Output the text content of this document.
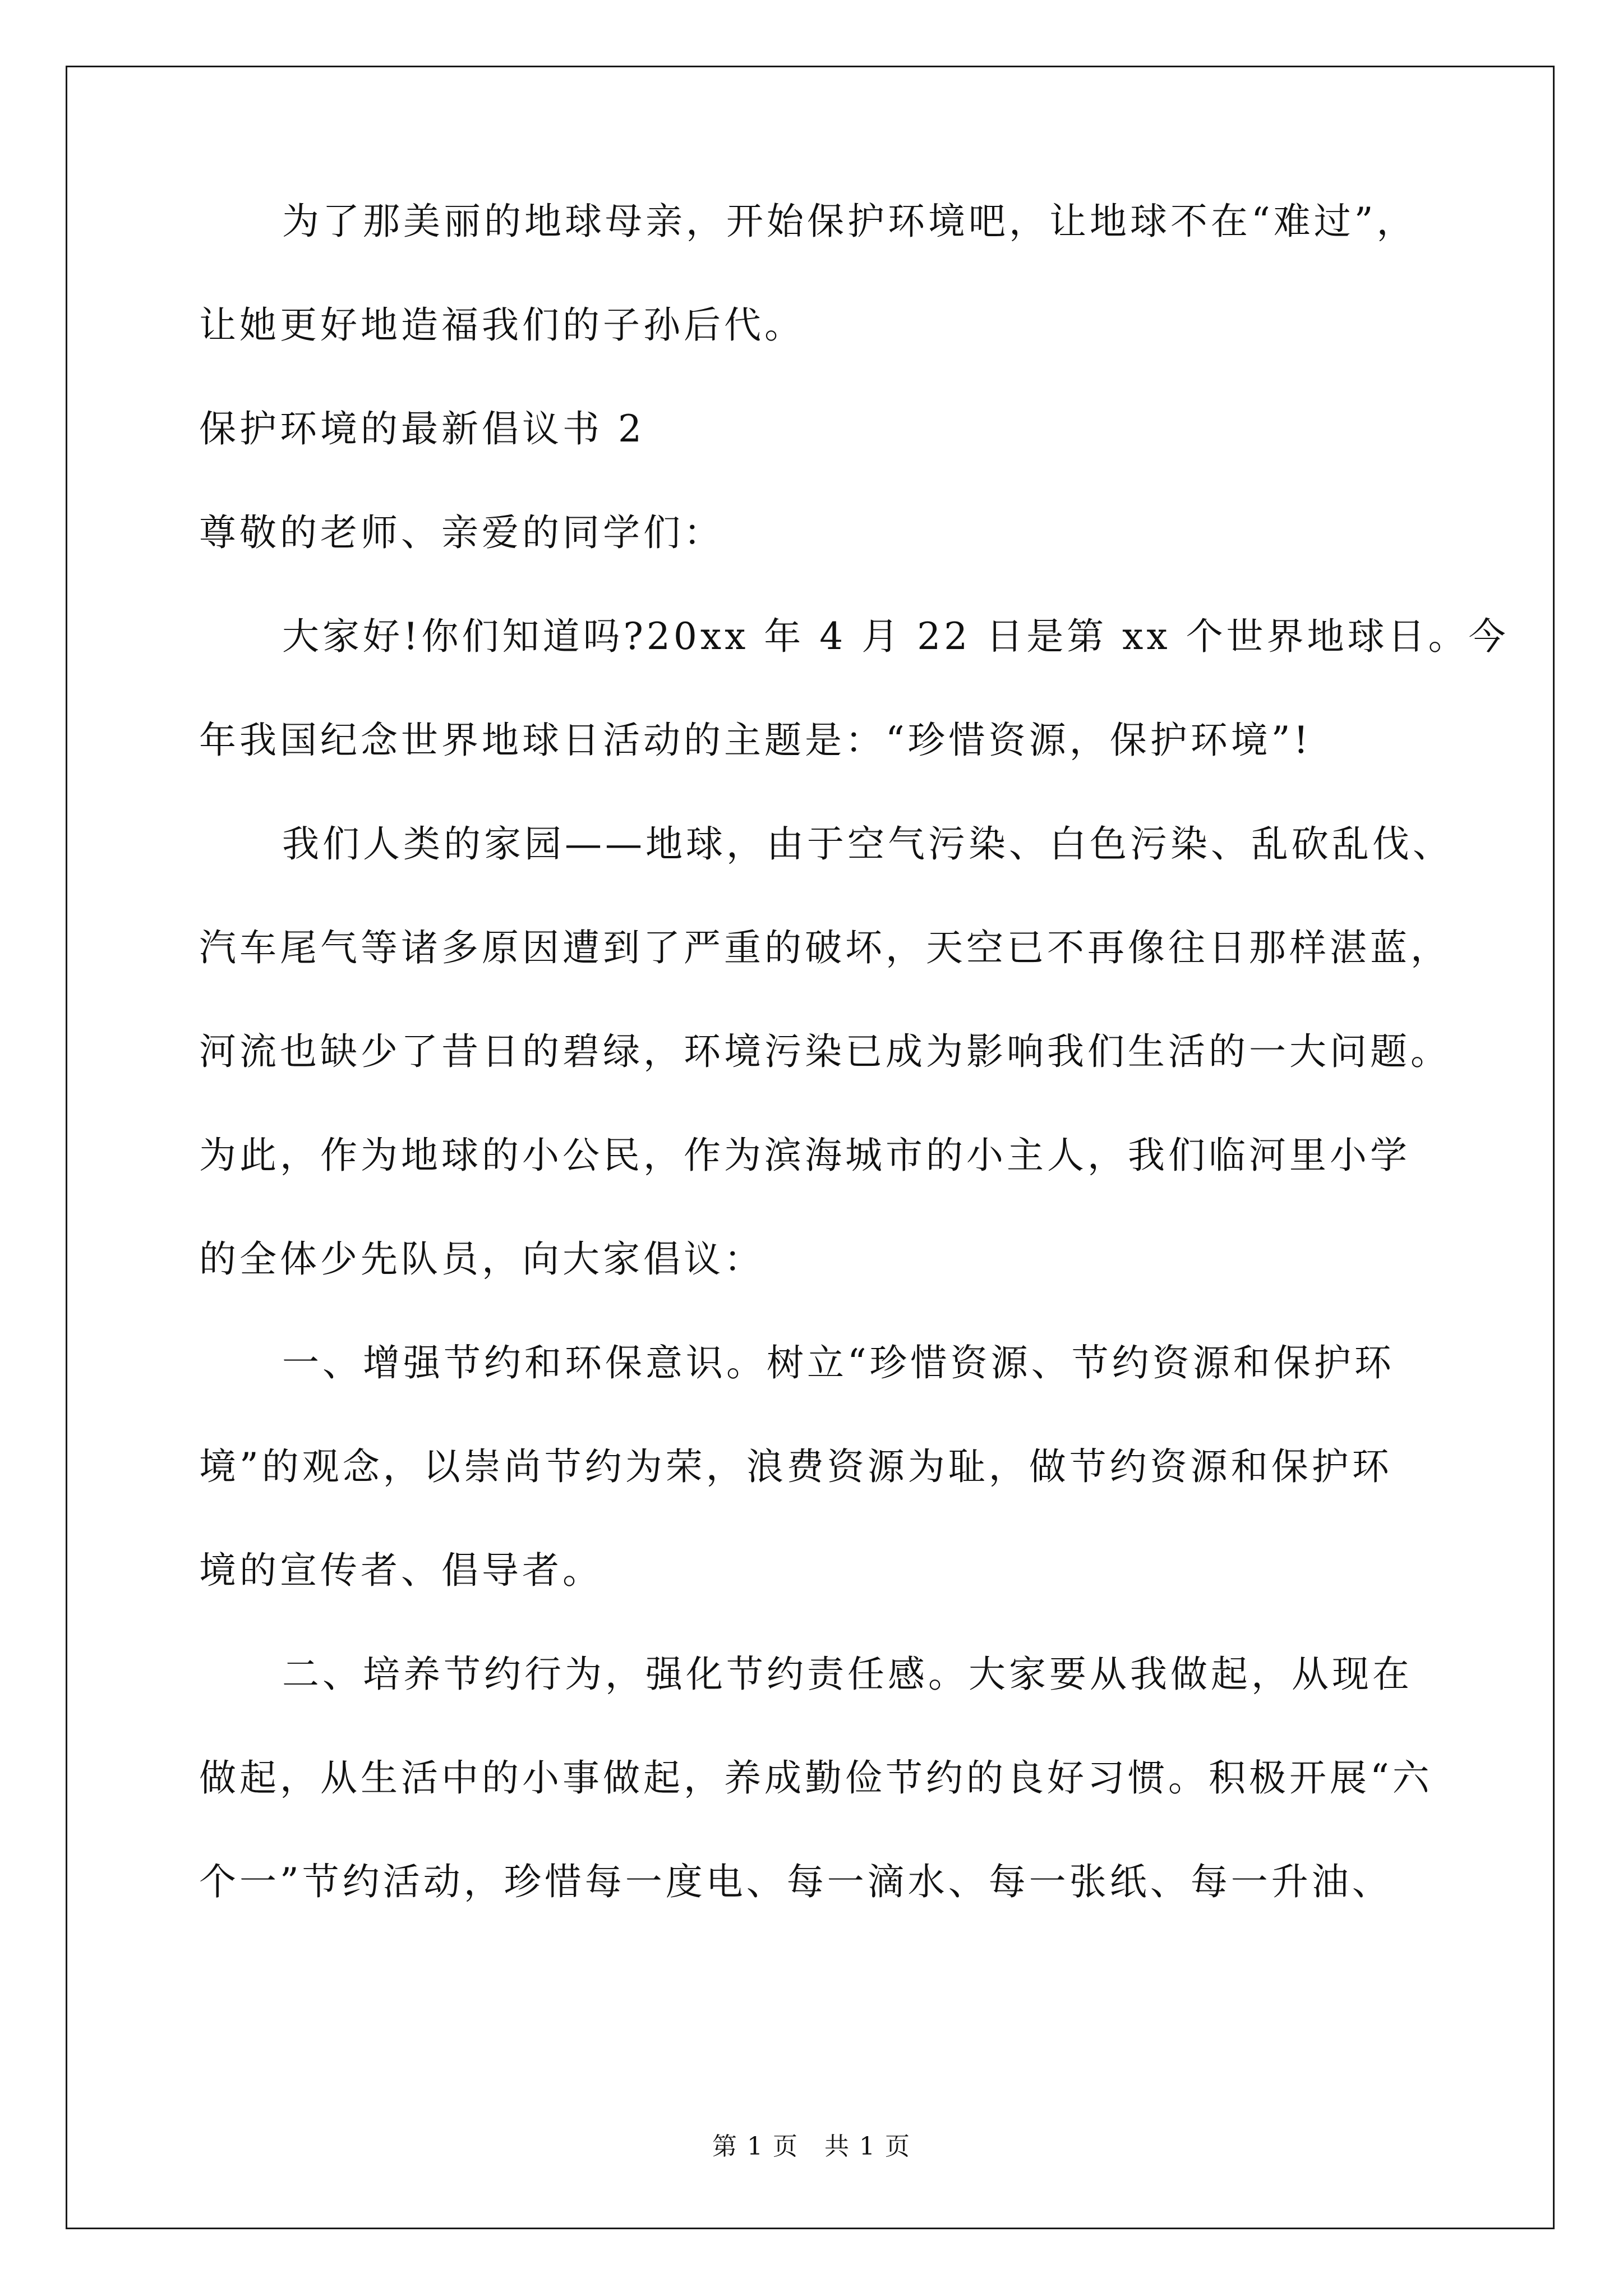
为了那美丽的地球母亲，开始保护环境吧，让地球不在“难过”，
让她更好地造福我们的子孙后代。
保护环境的最新倡议书 2
尊敬的老师、亲爱的同学们：
大家好!你们知道吗?20xx 年 4 月 22 日是第 xx 个世界地球日。今
年我国纪念世界地球日活动的主题是：“珍惜资源，保护环境”!
我们人类的家园——地球，由于空气污染、白色污染、乱砍乱伐、
汽车尾气等诸多原因遭到了严重的破坏，天空已不再像往日那样湛蓝，
河流也缺少了昔日的碧绿，环境污染已成为影响我们生活的一大问题。
为此，作为地球的小公民，作为滨海城市的小主人，我们临河里小学
的全体少先队员，向大家倡议：
一、增强节约和环保意识。树立“珍惜资源、节约资源和保护环
境”的观念，以崇尚节约为荣，浪费资源为耻，做节约资源和保护环
境的宣传者、倡导者。
二、培养节约行为，强化节约责任感。大家要从我做起，从现在
做起，从生活中的小事做起，养成勤俭节约的良好习惯。积极开展“六
个一”节约活动，珍惜每一度电、每一滴水、每一张纸、每一升油、
第 1 页　共 1 页
